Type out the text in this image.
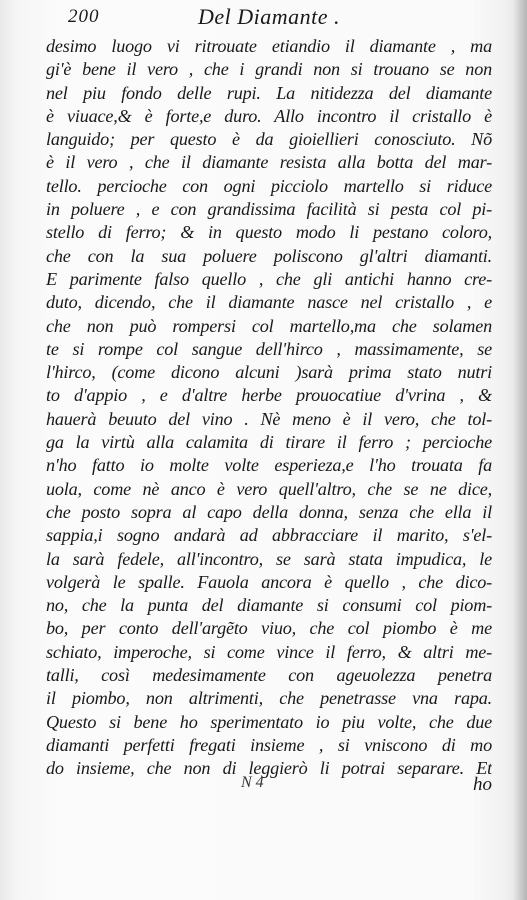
200	Del Diamante .
desimo luogo vi ritrouate etiandio il diamante , ma
gi'è bene il vero , che i grandi non si trouano se non
nel piu fondo delle rupi. La nitidezza del diamante
è viuace,& è forte,e duro. Allo incontro il cristallo è
languido; per questo è da gioiellieri conosciuto. Nõ
è il vero , che il diamante resista alla botta del mar-
tello. percioche con ogni picciolo martello si riduce
in poluere , e con grandissima facilità si pesta col pi-
stello di ferro; & in questo modo li pestano coloro,
che con la sua poluere poliscono gl'altri diamanti.
E parimente falso quello , che gli antichi hanno cre-
duto, dicendo, che il diamante nasce nel cristallo , e
che non può rompersi col martello,ma che solamen
te si rompe col sangue dell'hirco , massimamente, se
l'hirco, (come dicono alcuni )sarà prima stato nutri
to d'appio , e d'altre herbe prouocatiue d'vrina , &
hauerà beuuto del vino . Nè meno è il vero, che tol-
ga la virtù alla calamita di tirare il ferro ; percioche
n'ho fatto io molte volte esperieza,e l'ho trouata fa
uola, come nè anco è vero quell'altro, che se ne dice,
che posto sopra al capo della donna, senza che ella il
sappia,i sogno andarà ad abbracciare il marito, s'el-
la sarà fedele, all'incontro, se sarà stata impudica, le
volgerà le spalle. Fauola ancora è quello , che dico-
no, che la punta del diamante si consumi col piom-
bo, per conto dell'argẽto viuo, che col piombo è me
schiato, imperoche, si come vince il ferro, & altri me-
talli, così medesimamente con ageuolezza penetra
il piombo, non altrimenti, che penetrasse vna rapa.
Questo si bene ho sperimentato io piu volte, che due
diamanti perfetti fregati insieme , si vniscono di mo
do insieme, che non di leggierò li potrai separare. Et
N 4	ho
